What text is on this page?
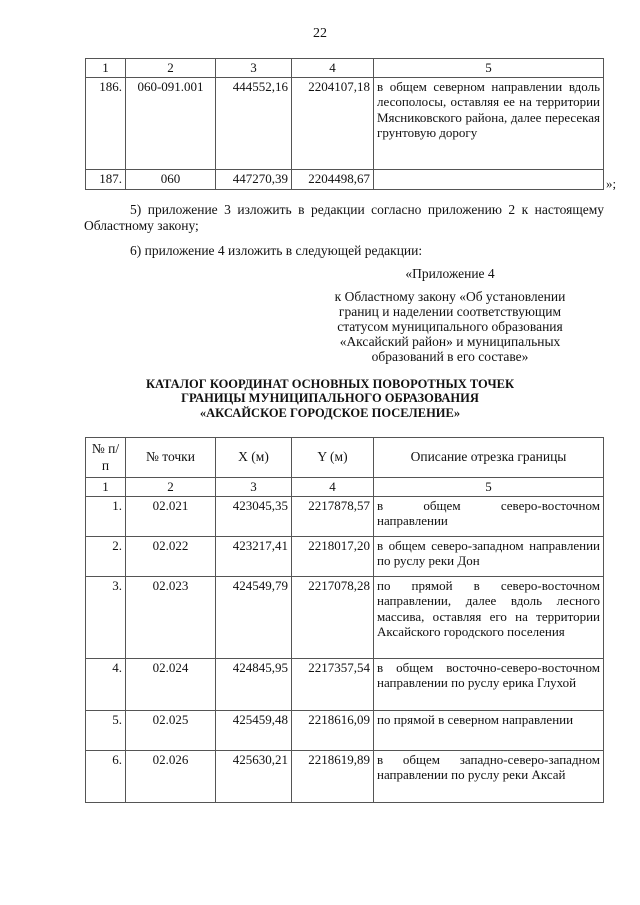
22
1	2	3	4	5
186.	060-091.001	444552,16	2204107,18	в общем северном направлении вдоль лесополосы, оставляя ее на территории Мясниковского района, далее пересекая грунтовую дорогу
187.	060	447270,39	2204498,67		»;
5) приложение 3 изложить в редакции согласно приложению 2 к настоящему Областному закону;
6) приложение 4 изложить в следующей редакции:
«Приложение 4
к Областному закону «Об установлении
границ и наделении соответствующим
статусом муниципального образования
«Аксайский район» и муниципальных
образований в его составе»
КАТАЛОГ КООРДИНАТ ОСНОВНЫХ ПОВОРОТНЫХ ТОЧЕК
ГРАНИЦЫ МУНИЦИПАЛЬНОГО ОБРАЗОВАНИЯ
«АКСАЙСКОЕ ГОРОДСКОЕ ПОСЕЛЕНИЕ»
№ п/п	№ точки	X (м)	Y (м)	Описание отрезка границы
1	2	3	4	5
1.	02.021	423045,35	2217878,57	в общем северо-восточном направлении
2.	02.022	423217,41	2218017,20	в общем северо-западном направлении по руслу реки Дон
3.	02.023	424549,79	2217078,28	по прямой в северо-восточном направлении, далее вдоль лесного массива, оставляя его на территории Аксайского городского поселения
4.	02.024	424845,95	2217357,54	в общем восточно-северо-восточном направлении по руслу ерика Глухой
5.	02.025	425459,48	2218616,09	по прямой в северном направлении
6.	02.026	425630,21	2218619,89	в общем западно-северо-западном направлении по руслу реки Аксай
